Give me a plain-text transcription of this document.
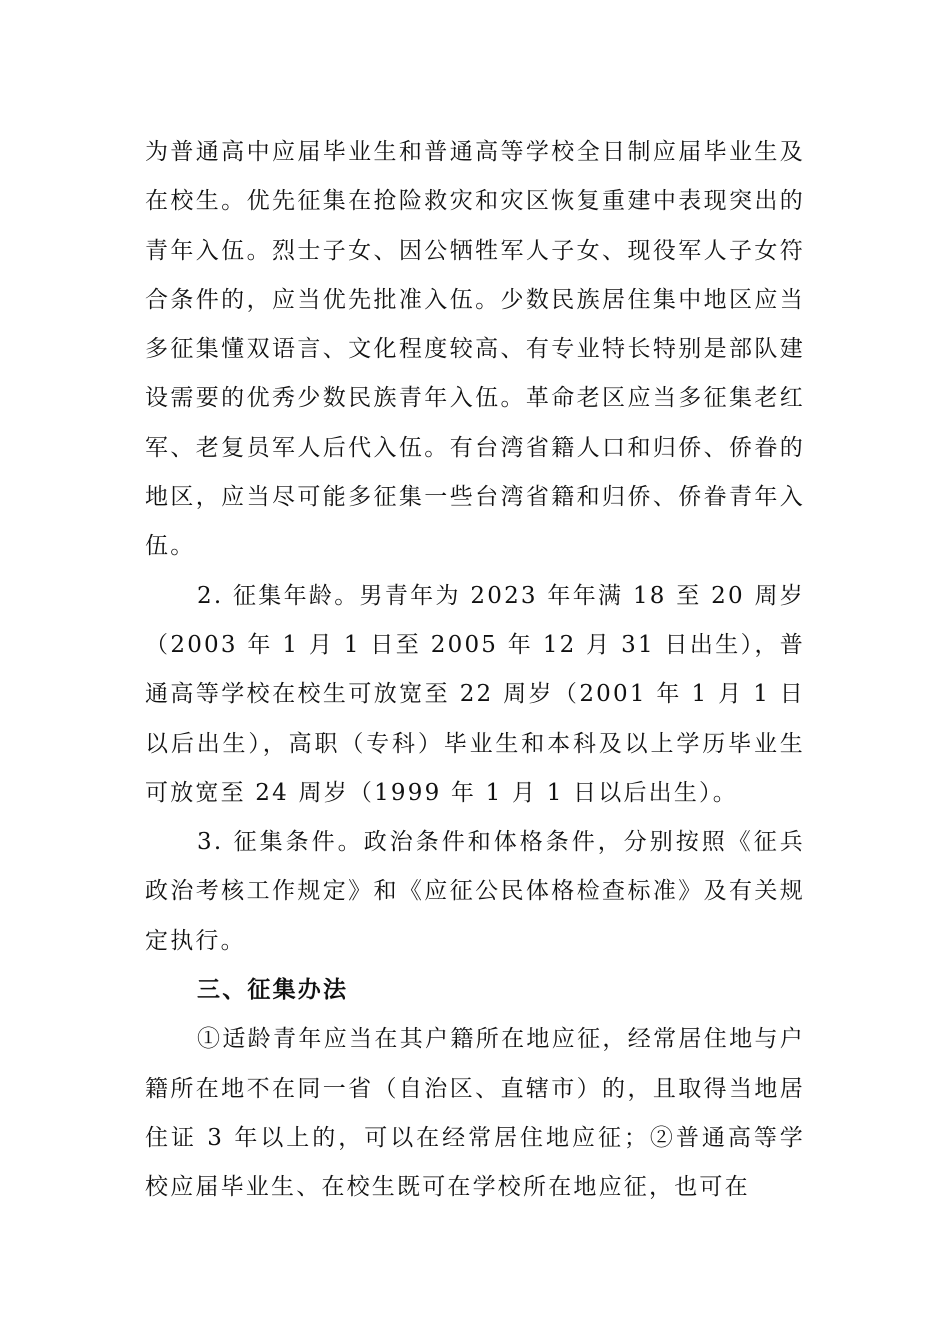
为普通高中应届毕业生和普通高等学校全日制应届毕业生及在校生。优先征集在抢险救灾和灾区恢复重建中表现突出的青年入伍。烈士子女、因公牺牲军人子女、现役军人子女符合条件的，应当优先批准入伍。少数民族居住集中地区应当多征集懂双语言、文化程度较高、有专业特长特别是部队建设需要的优秀少数民族青年入伍。革命老区应当多征集老红军、老复员军人后代入伍。有台湾省籍人口和归侨、侨眷的地区，应当尽可能多征集一些台湾省籍和归侨、侨眷青年入伍。

2. 征集年龄。男青年为 2023 年年满 18 至 20 周岁（2003 年 1 月 1 日至 2005 年 12 月 31 日出生），普通高等学校在校生可放宽至 22 周岁（2001 年 1 月 1 日以后出生），高职（专科）毕业生和本科及以上学历毕业生可放宽至 24 周岁（1999 年 1 月 1 日以后出生）。

3. 征集条件。政治条件和体格条件，分别按照《征兵政治考核工作规定》和《应征公民体格检查标准》及有关规定执行。

三、征集办法

①适龄青年应当在其户籍所在地应征，经常居住地与户籍所在地不在同一省（自治区、直辖市）的，且取得当地居住证 3 年以上的，可以在经常居住地应征；②普通高等学校应届毕业生、在校生既可在学校所在地应征，也可在
